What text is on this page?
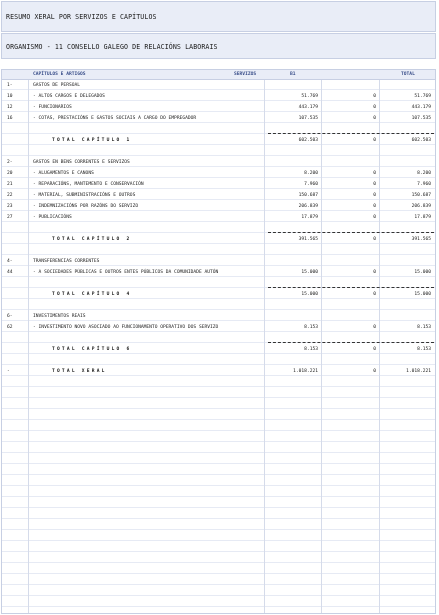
RESUMO XERAL POR SERVIZOS E CAPÍTULOS
ORGANISMO - 11 CONSELLO GALEGO DE RELACIÓNS LABORAIS
CAPÍTULOS E ARTIGOS	SERVIZOS	B1	TOTAL
1-	GASTOS DE PERSOAL
10	- ALTOS CARGOS E DELEGADOS	51.769	0	51.769
12	- FUNCIONARIOS	443.179	0	443.179
16	- COTAS, PRESTACIÓNS E GASTOS SOCIAIS A CARGO DO EMPREGADOR	107.535	0	107.535
TOTAL CAPÍTULO 1	602.503	0	602.503
2-	GASTOS EN BENS CORRENTES E SERVIZOS
20	- ALUGAMENTOS E CANONS	8.200	0	8.200
21	- REPARACIÓNS, MANTEMENTO E CONSERVACIÓN	7.960	0	7.960
22	- MATERIAL, SUBMINISTRACIÓNS E OUTROS	150.687	0	150.687
23	- INDEMNIZACIÓNS POR RAZÓNS DO SERVIZO	206.839	0	206.839
27	- PUBLICACIÓNS	17.879	0	17.879
TOTAL CAPÍTULO 2	391.565	0	391.565
4-	TRANSFERENCIAS CORRENTES
44	- A SOCIEDADES PÚBLICAS E OUTROS ENTES PÚBLICOS DA COMUNIDADE AUTÓN	15.000	0	15.000
TOTAL CAPÍTULO 4	15.000	0	15.000
6-	INVESTIMENTOS REAIS
62	- INVESTIMENTO NOVO ASOCIADO AO FUNCIONAMENTO OPERATIVO DOS SERVIZO	8.153	0	8.153
TOTAL CAPÍTULO 6	8.153	0	8.153
-	TOTAL XERAL	1.018.221	0	1.018.221
